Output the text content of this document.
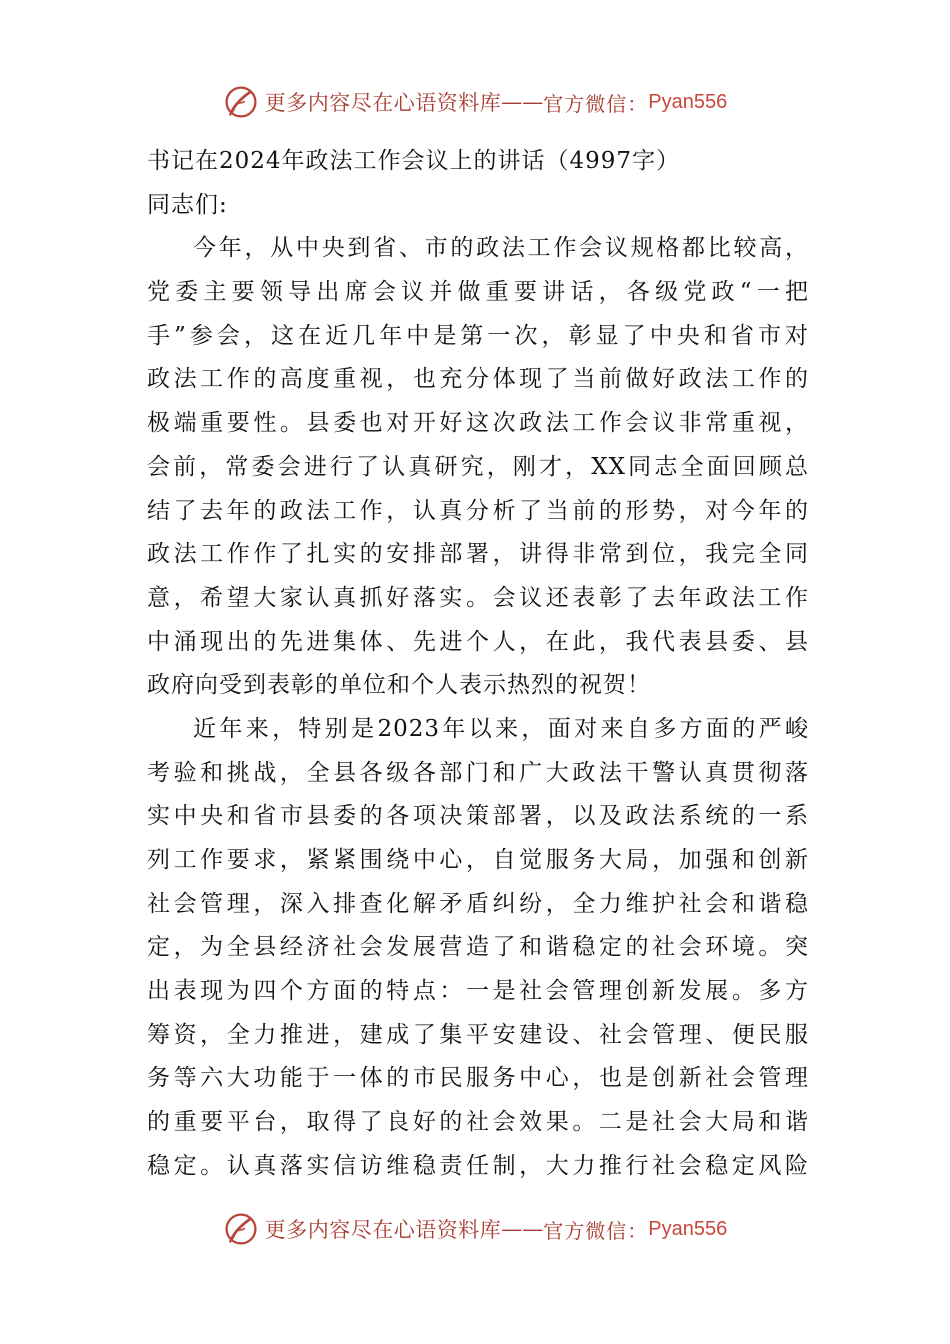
更多内容尽在心语资料库 —— 官方微信： Pyan556
书记在2024年政法工作会议上的讲话（4997字）
同志们:
今年，从中央到省、市的政法工作会议规格都比较高，
党委主要领导出席会议并做重要讲话，各级党政“一把
手”参会，这在近几年中是第一次，彰显了中央和省市对
政法工作的高度重视，也充分体现了当前做好政法工作的
极端重要性。县委也对开好这次政法工作会议非常重视，
会前，常委会进行了认真研究，刚才，XX同志全面回顾总
结了去年的政法工作，认真分析了当前的形势，对今年的
政法工作作了扎实的安排部署，讲得非常到位，我完全同
意，希望大家认真抓好落实。会议还表彰了去年政法工作
中涌现出的先进集体、先进个人，在此，我代表县委、县
政府向受到表彰的单位和个人表示热烈的祝贺！
近年来，特别是2023年以来，面对来自多方面的严峻
考验和挑战，全县各级各部门和广大政法干警认真贯彻落
实中央和省市县委的各项决策部署，以及政法系统的一系
列工作要求，紧紧围绕中心，自觉服务大局，加强和创新
社会管理，深入排查化解矛盾纠纷，全力维护社会和谐稳
定，为全县经济社会发展营造了和谐稳定的社会环境。突
出表现为四个方面的特点：一是社会管理创新发展。多方
筹资，全力推进，建成了集平安建设、社会管理、便民服
务等六大功能于一体的市民服务中心，也是创新社会管理
的重要平台，取得了良好的社会效果。二是社会大局和谐
稳定。认真落实信访维稳责任制，大力推行社会稳定风险
更多内容尽在心语资料库 —— 官方微信： Pyan556
